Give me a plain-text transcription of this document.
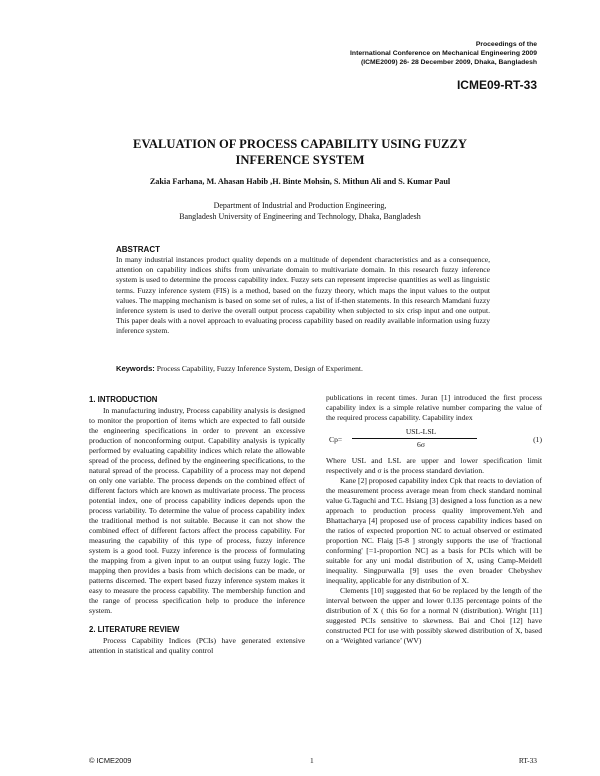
Proceedings of the
International Conference on Mechanical Engineering 2009
(ICME2009) 26- 28 December 2009, Dhaka, Bangladesh
ICME09-RT-33
EVALUATION OF PROCESS CAPABILITY USING FUZZY
INFERENCE SYSTEM
Zakia Farhana, M. Ahasan Habib ,H. Binte Mohsin, S. Mithun Ali and S. Kumar Paul
Department of Industrial and Production Engineering,
Bangladesh University of Engineering and Technology, Dhaka, Bangladesh
ABSTRACT
In many industrial instances product quality depends on a multitude of dependent characteristics and as a consequence, attention on capability indices shifts from univariate domain to multivariate domain. In this research fuzzy inference system is used to determine the process capability index. Fuzzy sets can represent imprecise quantities as well as linguistic terms. Fuzzy inference system (FIS) is a method, based on the fuzzy theory, which maps the input values to the output values. The mapping mechanism is based on some set of rules, a list of if-then statements. In this research Mamdani fuzzy inference system is used to derive the overall output process capability when subjected to six crisp input and one output. This paper deals with a novel approach to evaluating process capability based on readily available information using fuzzy inference system.
Keywords: Process Capability, Fuzzy Inference System, Design of Experiment.
1. INTRODUCTION

In manufacturing industry, Process capability analysis is designed to monitor the proportion of items which are expected to fall outside the engineering specifications in order to prevent an excessive production of nonconforming output. Capability analysis is typically performed by evaluating capability indices which relate the allowable spread of the process, defined by the engineering specifications, to the natural spread of the process. Capability of a process may not depend on only one variable. The process depends on the combined effect of different factors which are known as multivariate process. The process potential index, one of process capability indices depends upon the process variability. To determine the value of process capability index the traditional method is not suitable. Because it can not show the combined effect of different factors affect the process capability. For measuring the capability of this type of process, fuzzy inference system is a good tool. Fuzzy inference is the process of formulating the mapping from a given input to an output using fuzzy logic. The mapping then provides a basis from which decisions can be made, or patterns discerned. The expert based fuzzy inference system makes it easy to measure the process capability. The membership function and the range of process specification help to produce the inference system.

2. LITERATURE REVIEW

Process Capability Indices (PCIs) have generated extensive attention in statistical and quality control

publications in recent times. Juran [1] introduced the first process capability index is a simple relative number comparing the value of the required process capability. Capability index

Cp=
USL-LSL
6σ
(1)

Where USL and LSL are upper and lower specification limit respectively and σ is the process standard deviation.

Kane [2] proposed capability index Cpk that reacts to deviation of the measurement process average mean from check standard nominal value G.Taguchi and T.C. Hsiang [3] designed a loss function as a new approach to production process quality improvement.Yeh and Bhattacharya [4] proposed use of process capability indices based on the ratios of expected proportion NC to actual observed or estimated proportion NC. Flaig [5-8 ] strongly supports the use of 'fractional conforming' [=1-proportion NC] as a basis for PCIs which will be suitable for any uni modal distribution of X, using Camp-Meidell inequality. Singpurwalla [9] uses the even broader Chebyshev inequality, applicable for any distribution of X.

Clements [10] suggested that 6σ be replaced by the length of the interval between the upper and lower 0.135 percentage points of the distribution of X ( this 6σ for a normal N (distribution). Wright [11] suggested PCIs sensitive to skewness. Bai and Choi [12] have constructed PCI for use with possibly skewed distribution of X, based on a ‘Weighted variance’ (WV)

© ICME2009	1	RT-33
